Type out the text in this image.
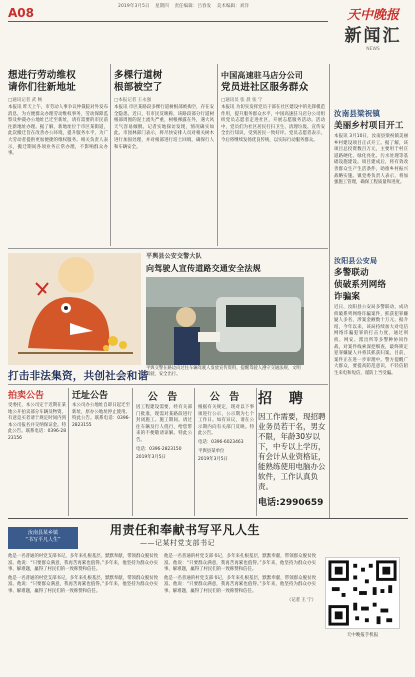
A08	2019年3月5日 星期四 责任编辑：吕春发 美术编辑：刘洋
天中晚报
新闻汇
NEWS
想进行劳动维权
请你们往新地址
□通讯记者 武 畅
本报讯 昨天上午，市劳动人事争议仲裁院对外发布消息，为方便群众办理劳动维权事务，劳动保障监察及仲裁办公地址已迁至新址，请有需要的市民前往新地址办理。据了解，新地址位于市区某街道，此次搬迁旨在改善办公环境，提升服务水平，为广大劳动者提供更加便捷的维权服务。相关负责人表示，搬迁期间各项业务正常办理，不影响群众办事。
多棵行道树
根部被空了
□本报记者 王永强
本报讯 市区某路段多棵行道树根部被掏空，存在安全隐患。近日，有市民反映称，该路段部分行道树根部周围的泥土流失严重，树根裸露在外，遇大风天气容易倾倒。记者实地探访发现，情况确实如此。市园林部门表示，将尽快安排人员对相关树木进行加固处理，并对根部进行培土回填，确保行人和车辆安全。
中国高速驻马店分公司
党员进社区服务群众
□通讯员 张 晨 张 宁
本报讯 为切实发挥党员干部在社区建设中的先锋模范作用，提升服务群众水平，中国高速驻马店分公司组织党员志愿者走进社区，开展志愿服务活动。活动中，党员们为社区居民打扫卫生、清理垃圾、宣传安全出行知识，受到居民一致好评。党员志愿者表示，今后将继续发扬优良传统，以实际行动服务群众。
汝南县梁祝镇
美丽乡村项目开工
本报讯 3月10日，汝南县梁祝镇美丽乡村建设项目正式开工。据了解，该项目总投资数百万元，主要用于村庄道路硬化、绿化亮化、污水处理等基础设施建设。项目建成后，将有效改善群众生产生活条件，助推乡村振兴战略实施。镇党委负责人表示，将加强施工管理，确保工程质量和进度。
汝阳县公安局
多警联动
侦破系列网络
诈骗案
近日，汝阳县公安局多警联动，成功侦破系列网络诈骗案件，抓获犯罪嫌疑人多名，涉案金额数十万元。据介绍，今年以来，该局持续加大对电信网络诈骗犯罪的打击力度，通过刑侦、网安、派出所等多警种协同作战，对案件线索深挖细查，最终锁定犯罪嫌疑人并将其抓获归案。目前，案件正在进一步审理中。警方提醒广大群众，要提高防范意识，不轻信陌生来电和短信，谨防上当受骗。
平舆县公安交警大队
向驾驶人宣传道路交通安全法规
平舆交警在路边向过往车辆驾驶人发放宣传资料，提醒驾驶人遵守交通法规、文明驾驶、安全出行。
打击非法集资，共创社会和谐
拍卖公告
受委托，本公司定于近期在某地公开拍卖部分车辆及物资，有意竞买者请于规定时间内到本公司报名并交纳保证金。特此公告。联系电话：0396-2823156
迁址公告
本公司办公地址自即日起迁至新址，原办公地址停止使用。特此公告。联系电话：0396-2823155
公 告
因工程建设需要，经有关部门批准，现需对某路段进行封闭施工。施工期间，请过往车辆及行人绕行，给您带来的不便敬请谅解。特此公告。
电话：0396-2823150
2019年3月5日
公 告
根据有关规定，现对以下事项进行公示，公示期为七个工作日。如有异议，请在公示期内向有关部门反映。特此公告。
电话：0396-6023463
平舆县某单位
2019年3月5日
招 聘
因工作需要，现招聘业务员若干名，男女不限，年龄30岁以下，中专以上学历，有会计从业资格证，能熟练使用电脑办公软件，工作认真负责。
电话:2990659
汝南县某乡镇
“书写平凡人生”
用责任和奉献书写平凡人生
——记某村党支部书记
他是一名普通的村党支部书记，多年来扎根基层，默默奉献，带领群众脱贫致富。他说：“只要群众满意，我再苦再累也值得。”多年来，他坚持为群众办实事、解难题，赢得了村民们的一致称赞和信任。
他是一名普通的村党支部书记，多年来扎根基层，默默奉献，带领群众脱贫致富。他说：“只要群众满意，我再苦再累也值得。”多年来，他坚持为群众办实事、解难题，赢得了村民们的一致称赞和信任。
他是一名普通的村党支部书记，多年来扎根基层，默默奉献，带领群众脱贫致富。他说：“只要群众满意，我再苦再累也值得。”多年来，他坚持为群众办实事、解难题，赢得了村民们的一致称赞和信任。
他是一名普通的村党支部书记，多年来扎根基层，默默奉献，带领群众脱贫致富。他说：“只要群众满意，我再苦再累也值得。”多年来，他坚持为群众办实事、解难题，赢得了村民们的一致称赞和信任。
（记者 王 宁）
天中晚报手机报
